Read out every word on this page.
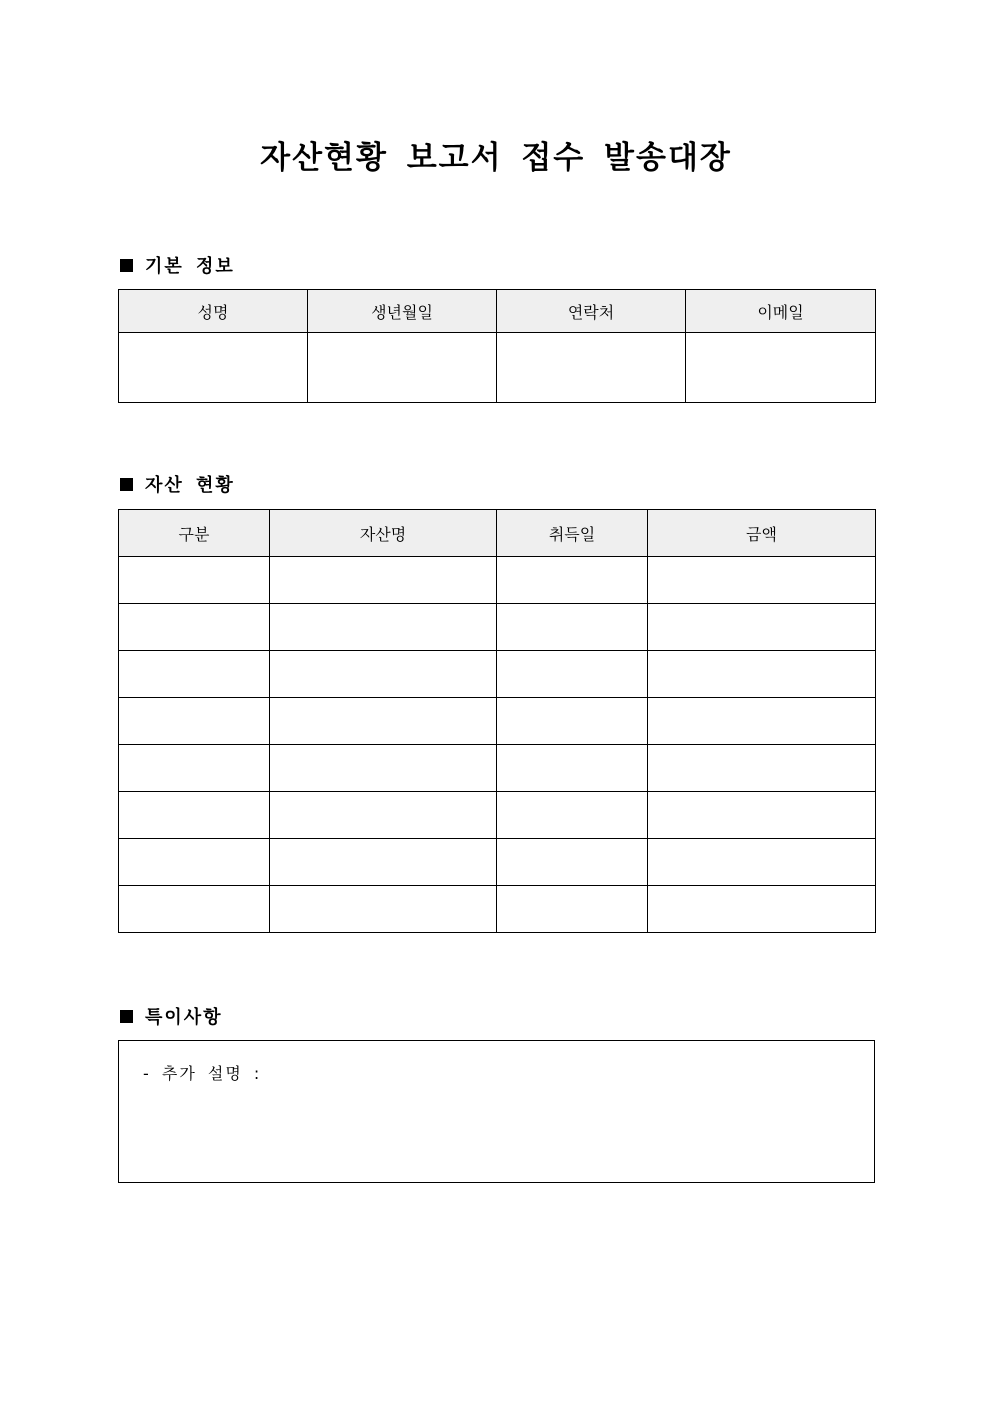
자산현황 보고서 접수 발송대장
기본 정보
성명	생년월일	연락처	이메일

자산 현황
구분	자산명	취득일	금액

특이사항
- 추가 설명 :
